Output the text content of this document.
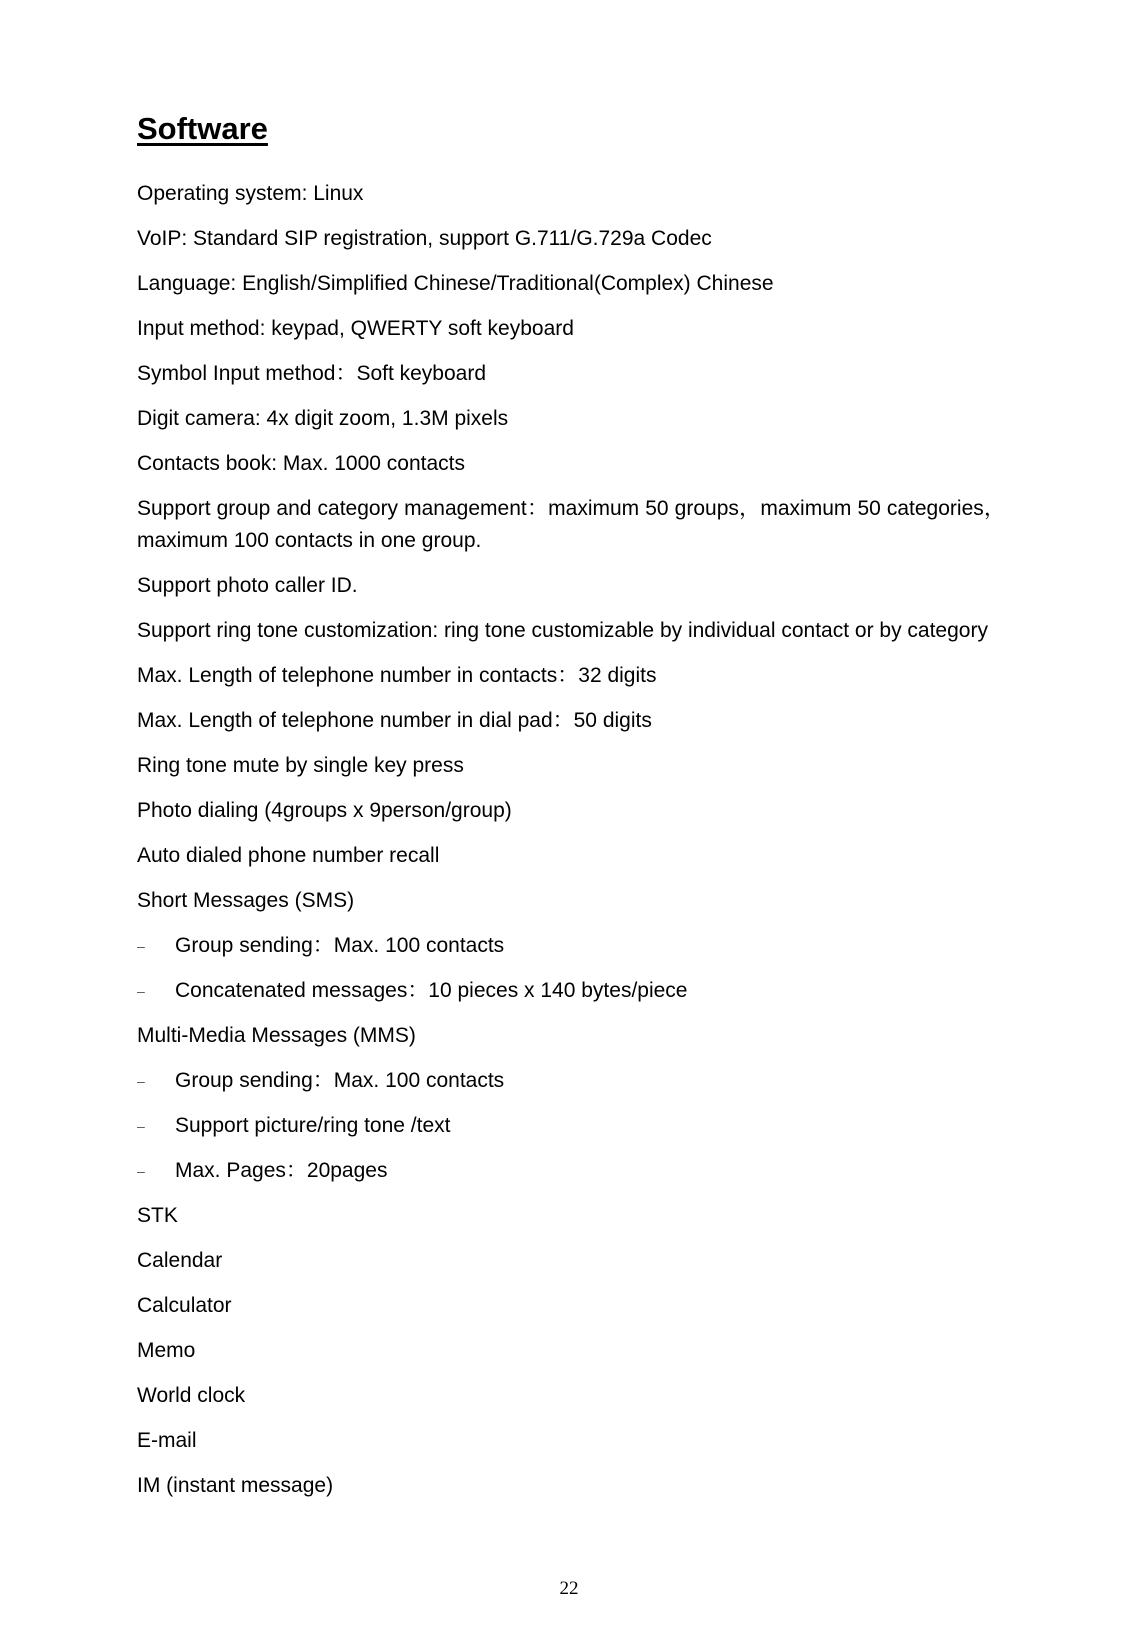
Software

Operating system: Linux

VoIP: Standard SIP registration, support G.711/G.729a Codec

Language: English/Simplified Chinese/Traditional(Complex) Chinese

Input method: keypad, QWERTY soft keyboard

Symbol Input method：Soft keyboard

Digit camera: 4x digit zoom, 1.3M pixels

Contacts book: Max. 1000 contacts

Support group and category management：maximum 50 groups，maximum 50 categories，maximum 100 contacts in one group.

Support photo caller ID.

Support ring tone customization: ring tone customizable by individual contact or by category

Max. Length of telephone number in contacts：32 digits

Max. Length of telephone number in dial pad：50 digits

Ring tone mute by single key press

Photo dialing (4groups x 9person/group)

Auto dialed phone number recall

Short Messages (SMS)

–	Group sending：Max. 100 contacts
–	Concatenated messages：10 pieces x 140 bytes/piece

Multi-Media Messages (MMS)

–	Group sending：Max. 100 contacts
–	Support picture/ring tone /text
–	Max. Pages：20pages

STK

Calendar

Calculator

Memo

World clock

E-mail

IM (instant message)

22
